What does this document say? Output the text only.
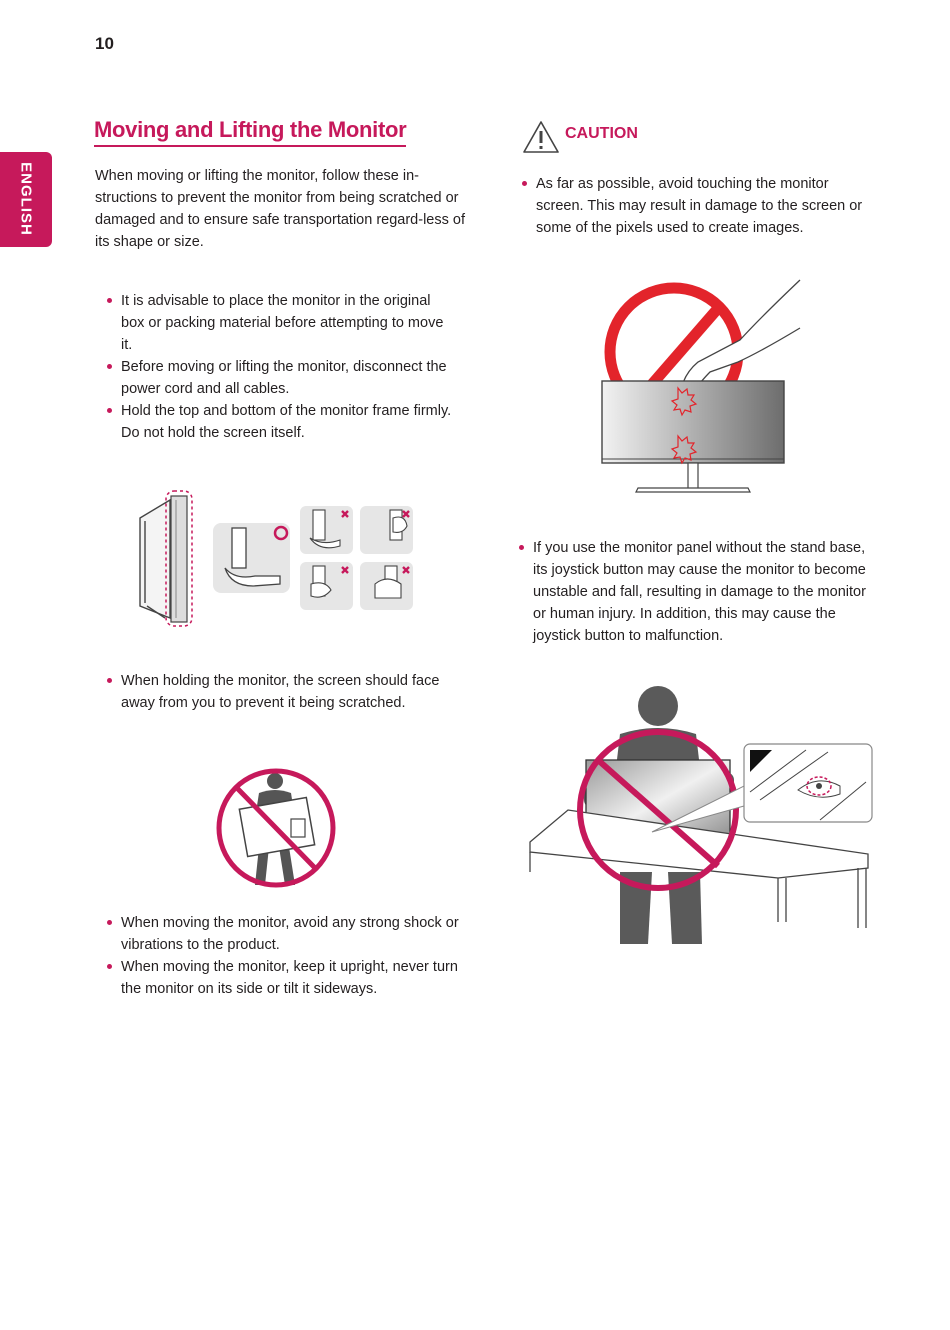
10
ENGLISH
Moving and Lifting the Monitor

When moving or lifting the monitor, follow these in-structions to prevent the monitor from being scratched or damaged and to ensure safe transportation regard-less of its shape or size.

It is advisable to place the monitor in the original box or packing material before attempting to move it.
Before moving or lifting the monitor, disconnect the power cord and all cables.
Hold the top and bottom of the monitor frame firmly. Do not hold the screen itself.
When holding the monitor, the screen should face away from you to prevent it being scratched.
When moving the monitor, avoid any strong shock or vibrations to the product.
When moving the monitor, keep it upright, never turn the monitor on its side or tilt it sideways.
CAUTION
As far as possible, avoid touching the monitor screen. This may result in damage to the screen or some of the pixels used to create images.
If you use the monitor panel without the stand base, its joystick button may cause the monitor to become unstable and fall, resulting in damage to the monitor or human injury. In addition, this may cause the joystick button to malfunction.
